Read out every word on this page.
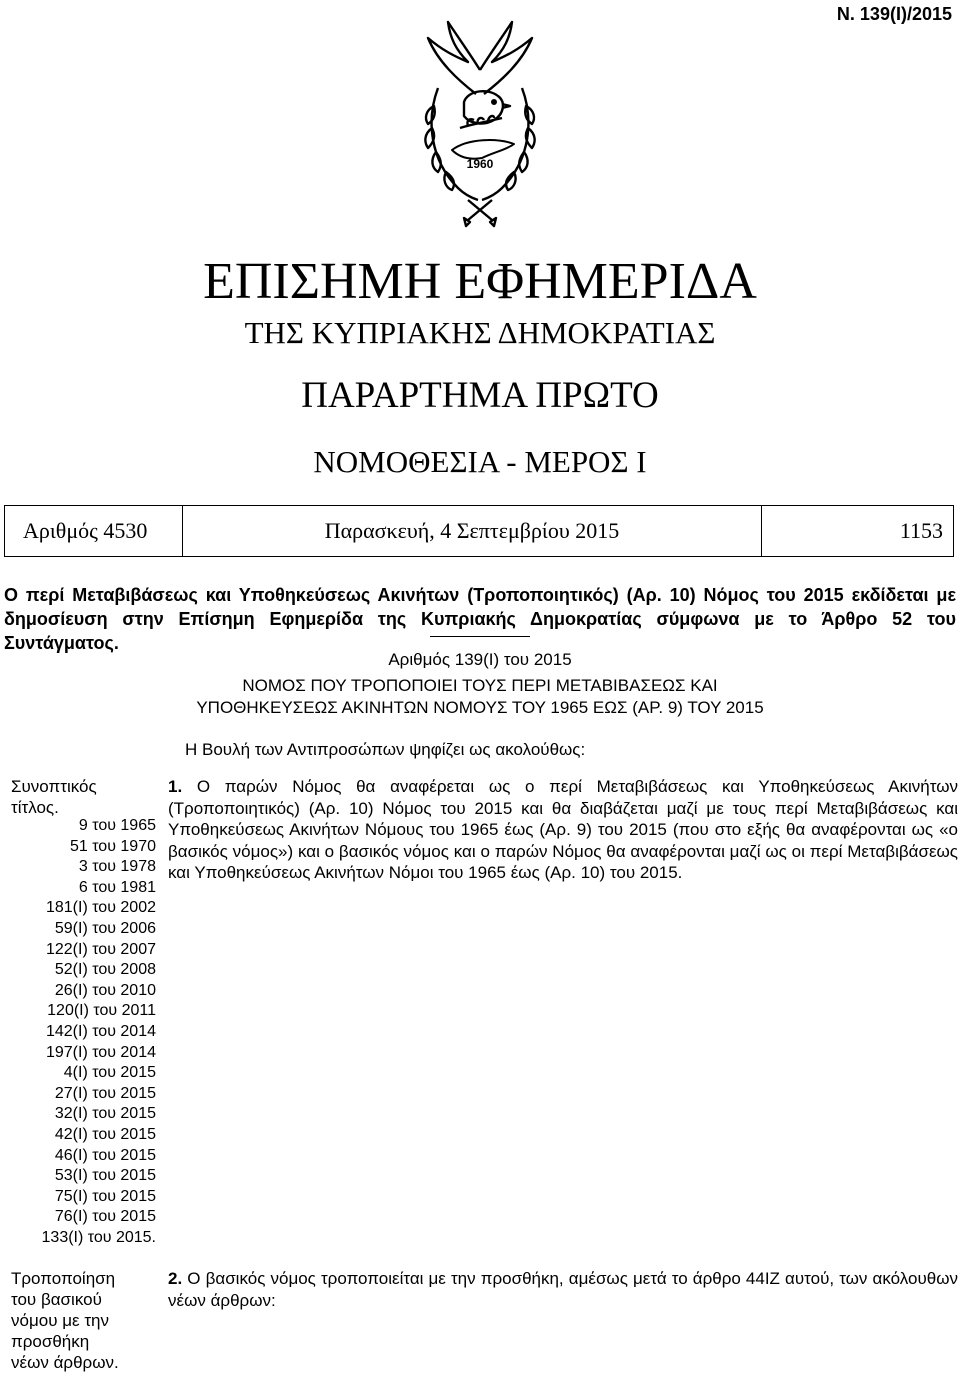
Ν. 139(Ι)/2015
1960
ΕΠΙΣΗΜΗ ΕΦΗΜΕΡΙΔΑ
ΤΗΣ ΚΥΠΡΙΑΚΗΣ ΔΗΜΟΚΡΑΤΙΑΣ
ΠΑΡΑΡΤΗΜΑ ΠΡΩΤΟ
ΝΟΜΟΘΕΣΙΑ - ΜΕΡΟΣ Ι
Αριθμός 4530	Παρασκευή, 4 Σεπτεμβρίου 2015	1153
Ο περί Μεταβιβάσεως και Υποθηκεύσεως Ακινήτων (Τροποποιητικός) (Αρ. 10) Νόμος του 2015 εκδίδεται με δημοσίευση στην Επίσημη Εφημερίδα της Κυπριακής Δημοκρατίας σύμφωνα με το Άρθρο 52 του Συντάγματος.
Αριθμός 139(Ι) του 2015
ΝΟΜΟΣ ΠΟΥ ΤΡΟΠΟΠΟΙΕΙ ΤΟΥΣ ΠΕΡΙ ΜΕΤΑΒΙΒΑΣΕΩΣ ΚΑΙ
ΥΠΟΘΗΚΕΥΣΕΩΣ ΑΚΙΝΗΤΩΝ ΝΟΜΟΥΣ ΤΟΥ 1965 ΕΩΣ (ΑΡ. 9) ΤΟΥ 2015
Η Βουλή των Αντιπροσώπων ψηφίζει ως ακολούθως:
Συνοπτικός
τίτλος.
9 του 1965
51 του 1970
3 του 1978
6 του 1981
181(Ι) του 2002
59(Ι) του 2006
122(Ι) του 2007
52(Ι) του 2008
26(Ι) του 2010
120(Ι) του 2011
142(Ι) του 2014
197(Ι) του 2014
4(Ι) του 2015
27(Ι) του 2015
32(Ι) του 2015
42(Ι) του 2015
46(Ι) του 2015
53(Ι) του 2015
75(Ι) του 2015
76(Ι) του 2015
133(Ι) του 2015.
Τροποποίηση
του βασικού
νόμου με την
προσθήκη
νέων άρθρων.
1. Ο παρών Νόμος θα αναφέρεται ως ο περί Μεταβιβάσεως και Υποθηκεύσεως Ακινήτων (Τροποποιητικός) (Αρ. 10) Νόμος του 2015 και θα διαβάζεται μαζί με τους περί Μεταβιβάσεως και Υποθηκεύσεως Ακινήτων Νόμους του 1965 έως (Αρ. 9) του 2015 (που στο εξής θα αναφέρονται ως «ο βασικός νόμος») και ο βασικός νόμος και ο παρών Νόμος θα αναφέρονται μαζί ως οι περί Μεταβιβάσεως και Υποθηκεύσεως Ακινήτων Νόμοι του 1965 έως (Αρ. 10) του 2015.
2. Ο βασικός νόμος τροποποιείται με την προσθήκη, αμέσως μετά το άρθρο 44ΙΖ αυτού, των ακόλουθων νέων άρθρων:
